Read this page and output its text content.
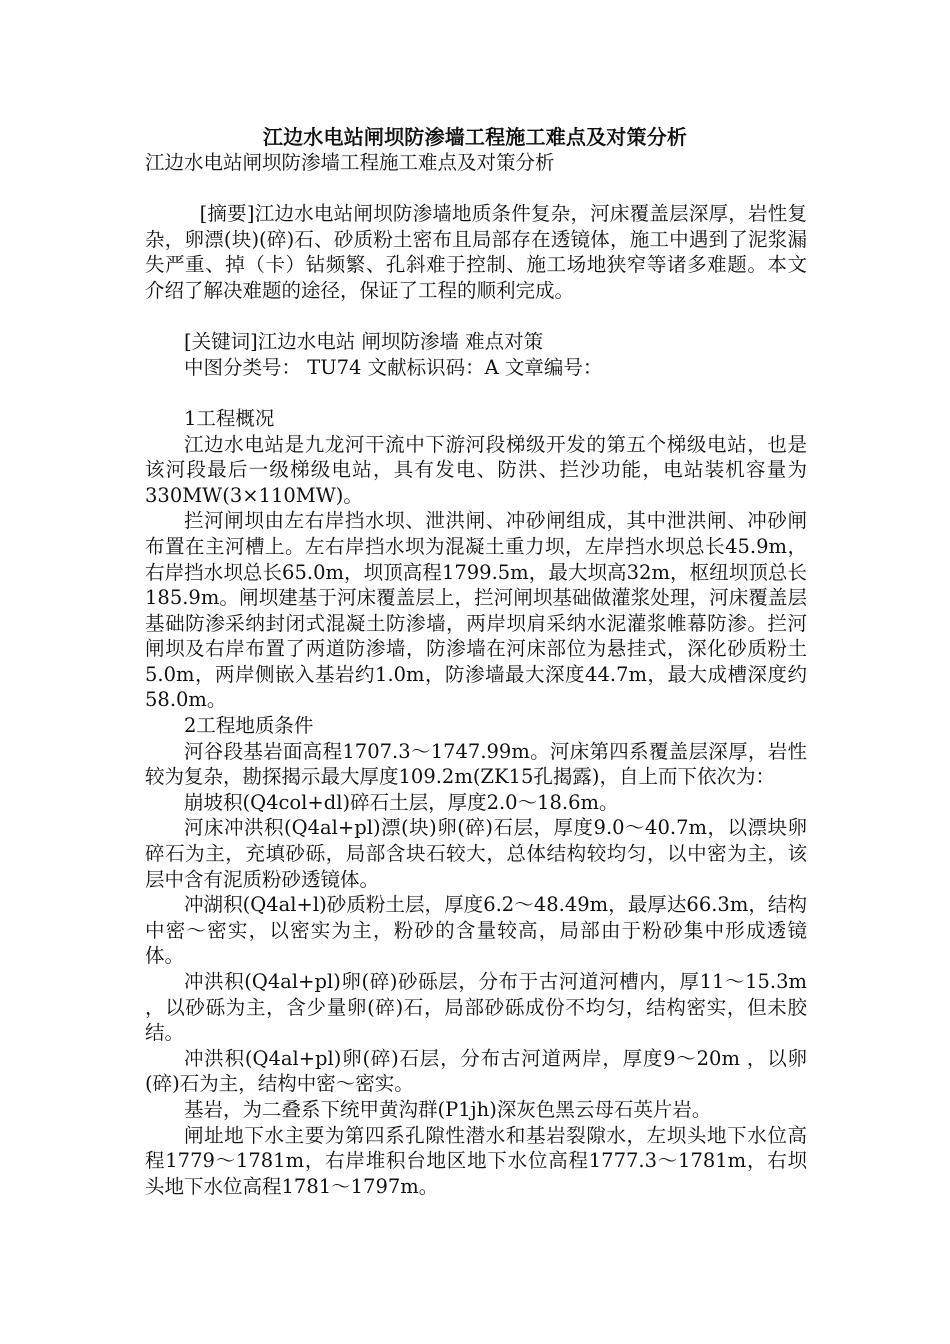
江边水电站闸坝防渗墙工程施工难点及对策分析

江边水电站闸坝防渗墙工程施工难点及对策分析

[摘要]江边水电站闸坝防渗墙地质条件复杂，河床覆盖层深厚，岩性复杂，卵漂(块)(碎)石、砂质粉土密布且局部存在透镜体，施工中遇到了泥浆漏失严重、掉（卡）钻频繁、孔斜难于控制、施工场地狭窄等诸多难题。本文介绍了解决难题的途径，保证了工程的顺利完成。

[关键词]江边水电站 闸坝防渗墙 难点对策

中图分类号： TU74 文献标识码：A 文章编号：

1工程概况

江边水电站是九龙河干流中下游河段梯级开发的第五个梯级电站，也是该河段最后一级梯级电站，具有发电、防洪、拦沙功能，电站装机容量为330MW(3×110MW)。

拦河闸坝由左右岸挡水坝、泄洪闸、冲砂闸组成，其中泄洪闸、冲砂闸布置在主河槽上。左右岸挡水坝为混凝土重力坝，左岸挡水坝总长45.9m，右岸挡水坝总长65.0m，坝顶高程1799.5m，最大坝高32m，枢纽坝顶总长185.9m。闸坝建基于河床覆盖层上，拦河闸坝基础做灌浆处理，河床覆盖层基础防渗采纳封闭式混凝土防渗墙，两岸坝肩采纳水泥灌浆帷幕防渗。拦河闸坝及右岸布置了两道防渗墙，防渗墙在河床部位为悬挂式，深化砂质粉土5.0m，两岸侧嵌入基岩约1.0m，防渗墙最大深度44.7m，最大成槽深度约58.0m。

2工程地质条件

河谷段基岩面高程1707.3～1747.99m。河床第四系覆盖层深厚，岩性较为复杂，勘探揭示最大厚度109.2m(ZK15孔揭露)，自上而下依次为：

崩坡积(Q4col+dl)碎石土层，厚度2.0～18.6m。

河床冲洪积(Q4al+pl)漂(块)卵(碎)石层，厚度9.0～40.7m，以漂块卵碎石为主，充填砂砾，局部含块石较大，总体结构较均匀，以中密为主，该层中含有泥质粉砂透镜体。

冲湖积(Q4al+l)砂质粉土层，厚度6.2～48.49m，最厚达66.3m，结构中密～密实，以密实为主，粉砂的含量较高，局部由于粉砂集中形成透镜体。

冲洪积(Q4al+pl)卵(碎)砂砾层，分布于古河道河槽内，厚11～15.3m ，以砂砾为主，含少量卵(碎)石，局部砂砾成份不均匀，结构密实，但未胶结。

冲洪积(Q4al+pl)卵(碎)石层，分布古河道两岸，厚度9～20m ，以卵(碎)石为主，结构中密～密实。

基岩，为二叠系下统甲黄沟群(P1jh)深灰色黑云母石英片岩。

闸址地下水主要为第四系孔隙性潜水和基岩裂隙水，左坝头地下水位高程1779～1781m，右岸堆积台地区地下水位高程1777.3～1781m，右坝头地下水位高程1781～1797m。
